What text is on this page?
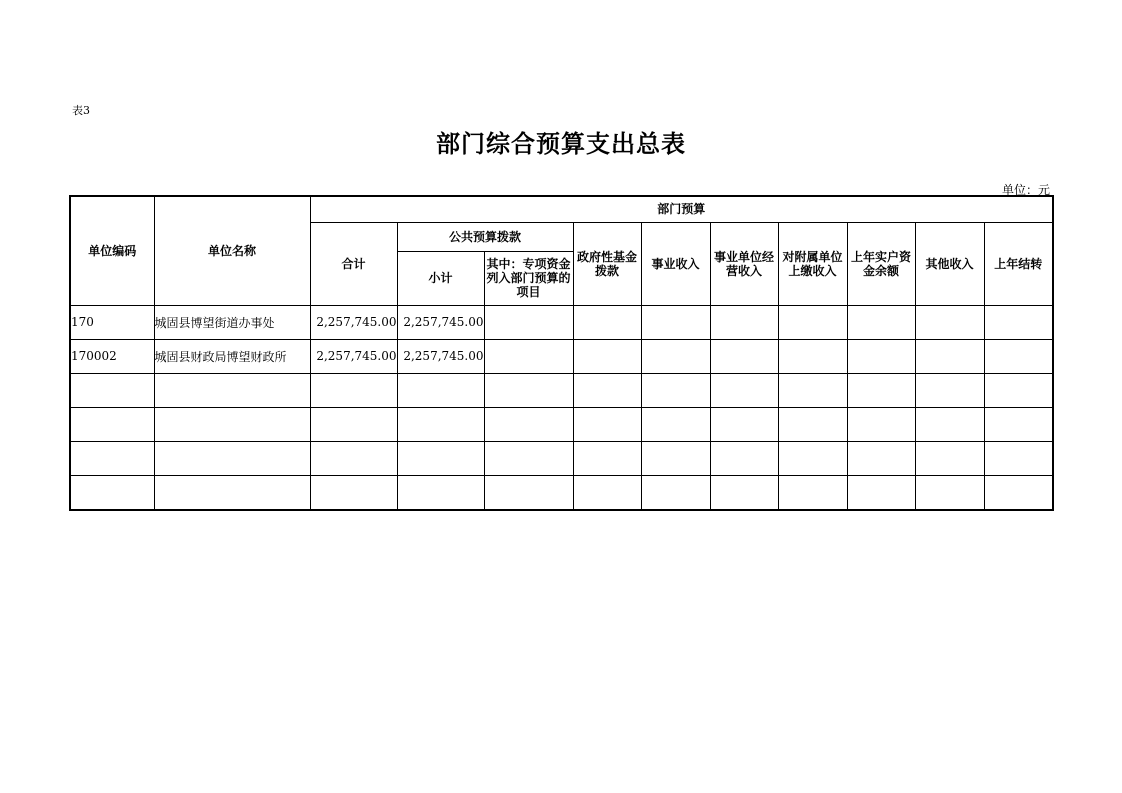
表3
部门综合预算支出总表
单位：元
单位编码	单位名称	部门预算									
		合计	公共预算拨款		政府性基金拨款	事业收入	事业单位经营收入	对附属单位上缴收入	上年实户资金余额	其他收入	上年结转
			小计	其中：专项资金列入部门预算的项目							
170	城固县博望街道办事处	2,257,745.00	2,257,745.00								
170002	城固县财政局博望财政所	2,257,745.00	2,257,745.00								
